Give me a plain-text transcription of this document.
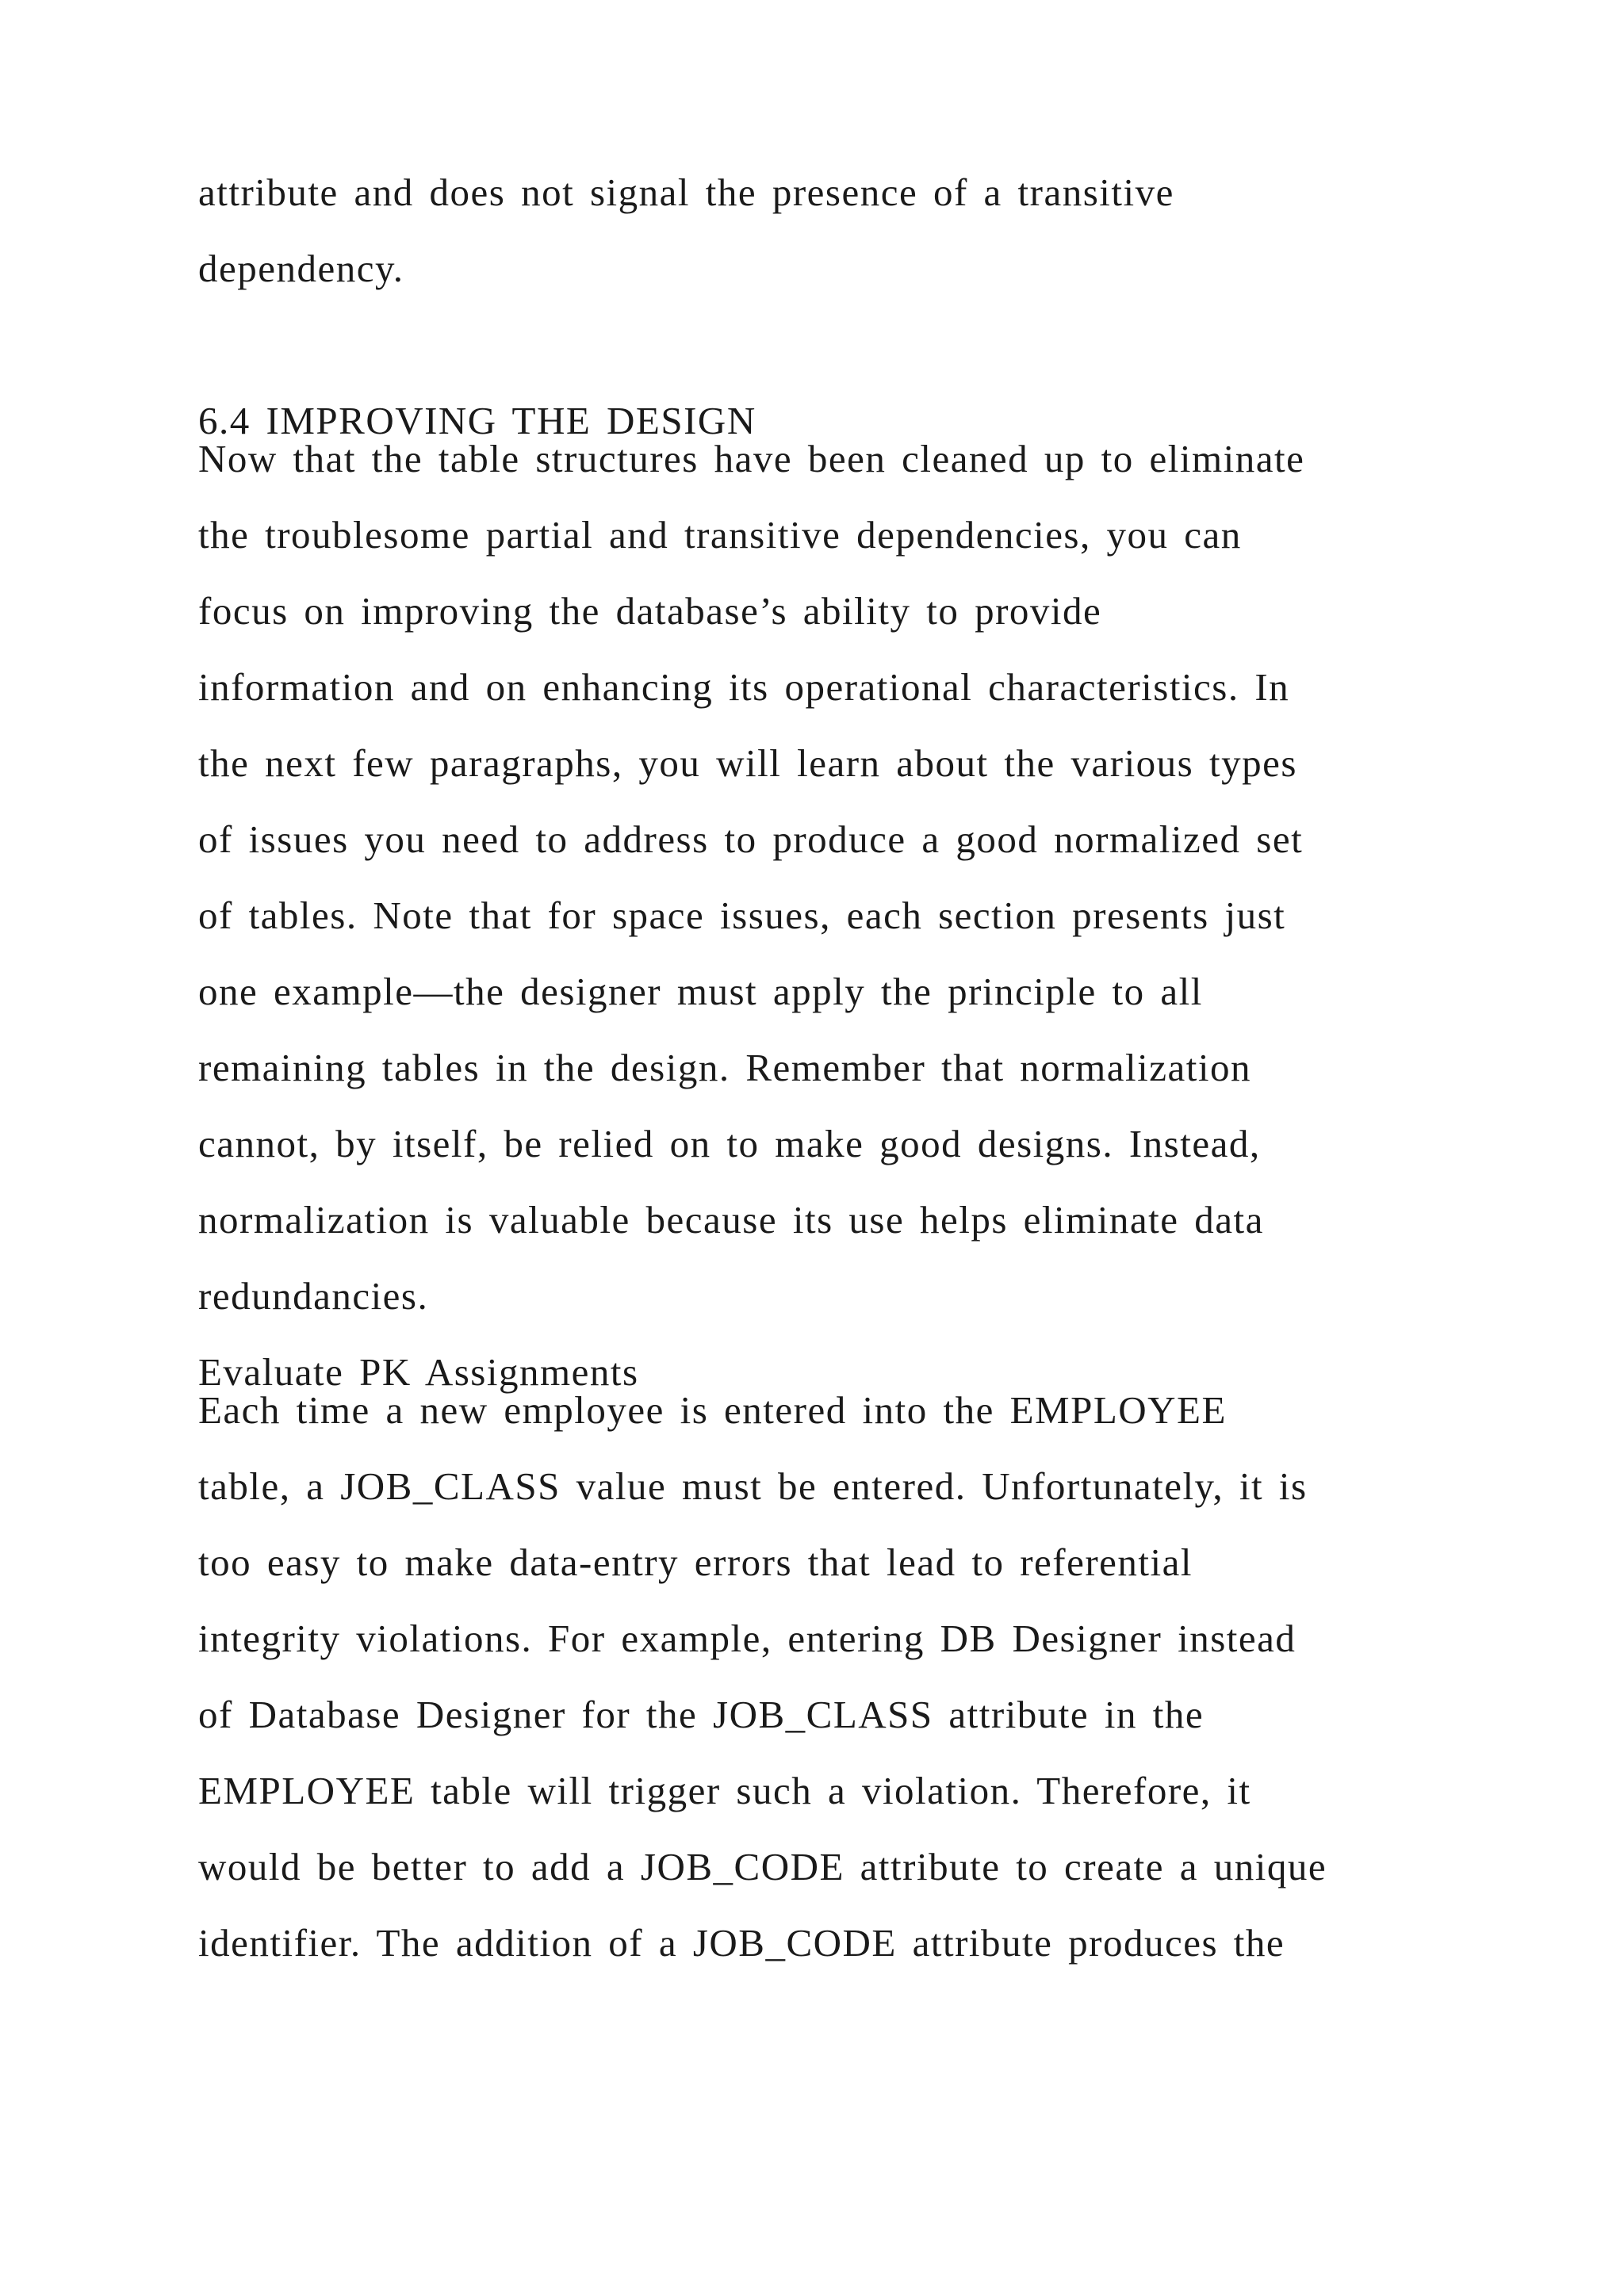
attribute and does not signal the presence of a transitive
dependency.
6.4 IMPROVING THE DESIGN
Now that the table structures have been cleaned up to eliminate
the troublesome partial and transitive dependencies, you can
focus on improving the database’s ability to provide
information and on enhancing its operational characteristics. In
the next few paragraphs, you will learn about the various types
of issues you need to address to produce a good normalized set
of tables. Note that for space issues, each section presents just
one example—the designer must apply the principle to all
remaining tables in the design. Remember that normalization
cannot, by itself, be relied on to make good designs. Instead,
normalization is valuable because its use helps eliminate data
redundancies.
Evaluate PK Assignments
Each time a new employee is entered into the EMPLOYEE
table, a JOB_CLASS value must be entered. Unfortunately, it is
too easy to make data-entry errors that lead to referential
integrity violations. For example, entering DB Designer instead
of Database Designer for the JOB_CLASS attribute in the
EMPLOYEE table will trigger such a violation. Therefore, it
would be better to add a JOB_CODE attribute to create a unique
identifier. The addition of a JOB_CODE attribute produces the
